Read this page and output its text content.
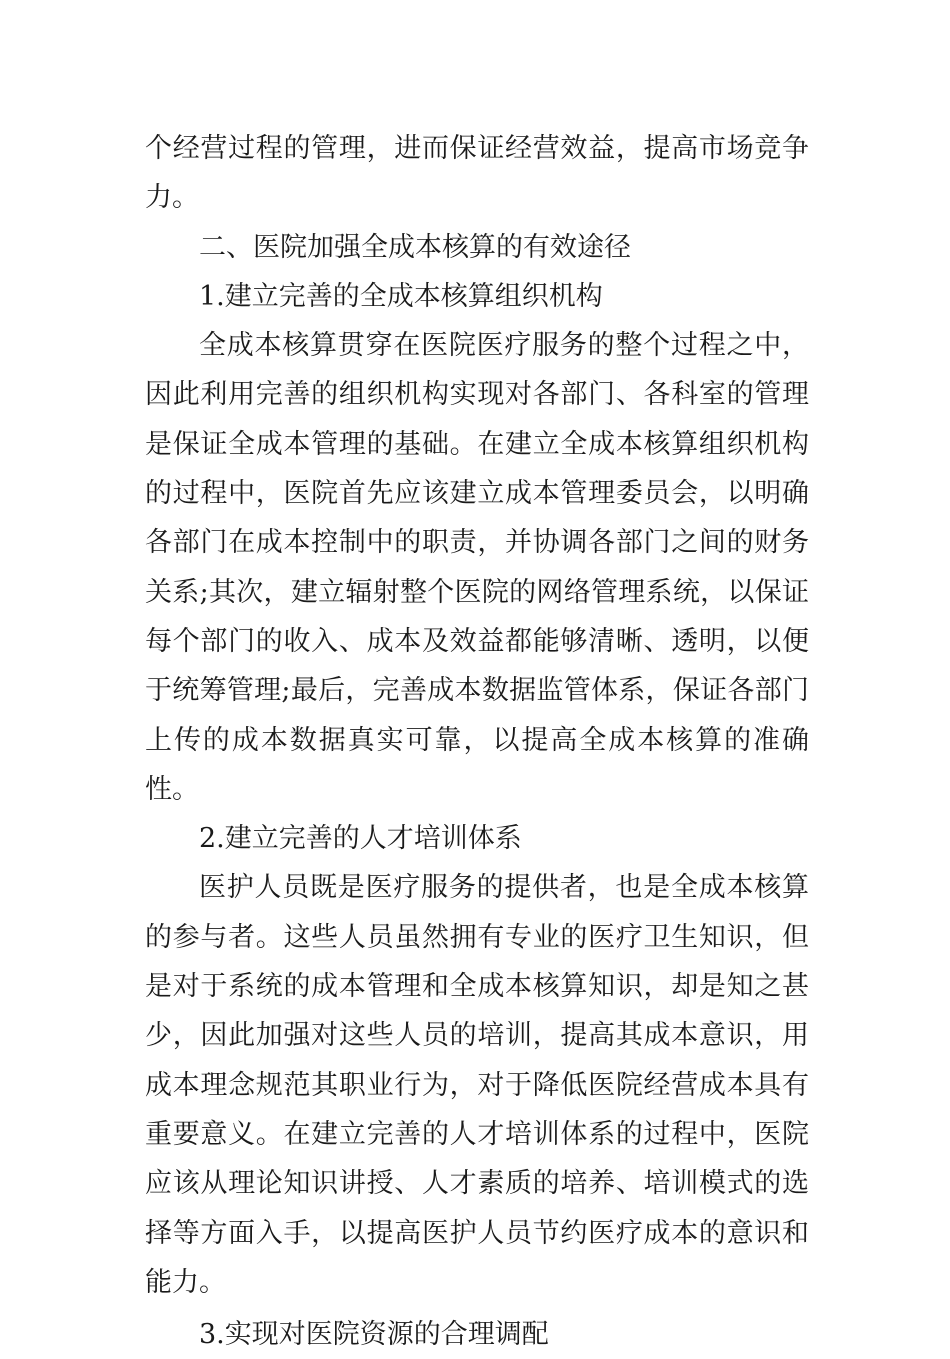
个经营过程的管理，进而保证经营效益，提高市场竞争力。

二、医院加强全成本核算的有效途径

1.建立完善的全成本核算组织机构

全成本核算贯穿在医院医疗服务的整个过程之中，因此利用完善的组织机构实现对各部门、各科室的管理是保证全成本管理的基础。在建立全成本核算组织机构的过程中，医院首先应该建立成本管理委员会，以明确各部门在成本控制中的职责，并协调各部门之间的财务关系;其次，建立辐射整个医院的网络管理系统，以保证每个部门的收入、成本及效益都能够清晰、透明，以便于统筹管理;最后，完善成本数据监管体系，保证各部门上传的成本数据真实可靠，以提高全成本核算的准确性。

2.建立完善的人才培训体系

医护人员既是医疗服务的提供者，也是全成本核算的参与者。这些人员虽然拥有专业的医疗卫生知识，但是对于系统的成本管理和全成本核算知识，却是知之甚少，因此加强对这些人员的培训，提高其成本意识，用成本理念规范其职业行为，对于降低医院经营成本具有重要意义。在建立完善的人才培训体系的过程中，医院应该从理论知识讲授、人才素质的培养、培训模式的选择等方面入手，以提高医护人员节约医疗成本的意识和能力。

3.实现对医院资源的合理调配
